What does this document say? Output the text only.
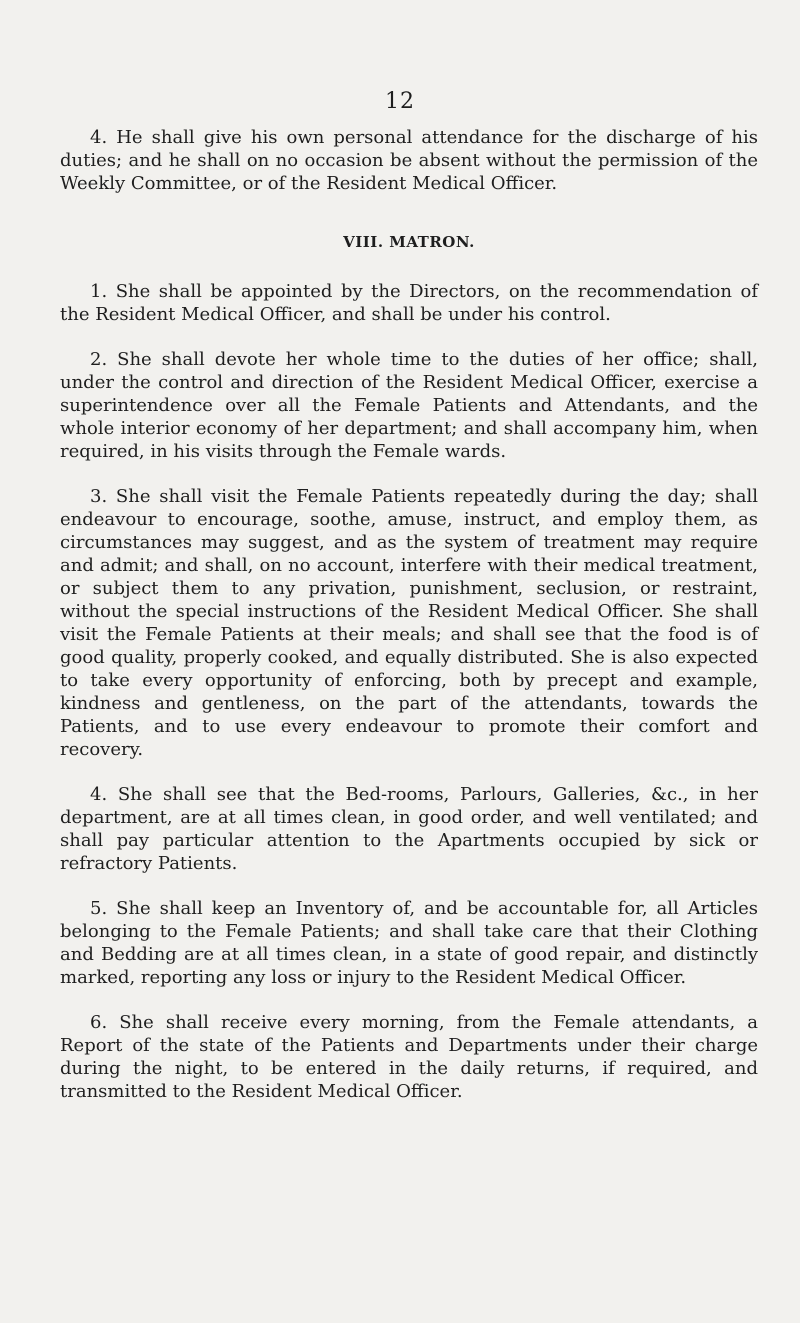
12

4. He shall give his own personal attendance for the discharge of his duties; and he shall on no occasion be absent without the permission of the Weekly Committee, or of the Resident Medical Officer.

VIII. MATRON.

1. She shall be appointed by the Directors, on the recommendation of the Resident Medical Officer, and shall be under his control.

2. She shall devote her whole time to the duties of her office; shall, under the control and direction of the Resident Medical Officer, exercise a superintendence over all the Female Patients and Attendants, and the whole interior economy of her department; and shall accompany him, when required, in his visits through the Female wards.

3. She shall visit the Female Patients repeatedly during the day; shall endeavour to encourage, soothe, amuse, instruct, and employ them, as circumstances may suggest, and as the system of treatment may require and admit; and shall, on no account, interfere with their medical treatment, or subject them to any privation, punishment, seclusion, or restraint, without the special instructions of the Resident Medical Officer. She shall visit the Female Patients at their meals; and shall see that the food is of good quality, properly cooked, and equally distributed. She is also expected to take every opportunity of enforcing, both by precept and example, kindness and gentleness, on the part of the attendants, towards the Patients, and to use every endeavour to promote their comfort and recovery.

4. She shall see that the Bed-rooms, Parlours, Galleries, &c., in her department, are at all times clean, in good order, and well ventilated; and shall pay particular attention to the Apartments occupied by sick or refractory Patients.

5. She shall keep an Inventory of, and be accountable for, all Articles belonging to the Female Patients; and shall take care that their Clothing and Bedding are at all times clean, in a state of good repair, and distinctly marked, reporting any loss or injury to the Resident Medical Officer.

6. She shall receive every morning, from the Female attendants, a Report of the state of the Patients and Departments under their charge during the night, to be entered in the daily returns, if required, and transmitted to the Resident Medical Officer.
